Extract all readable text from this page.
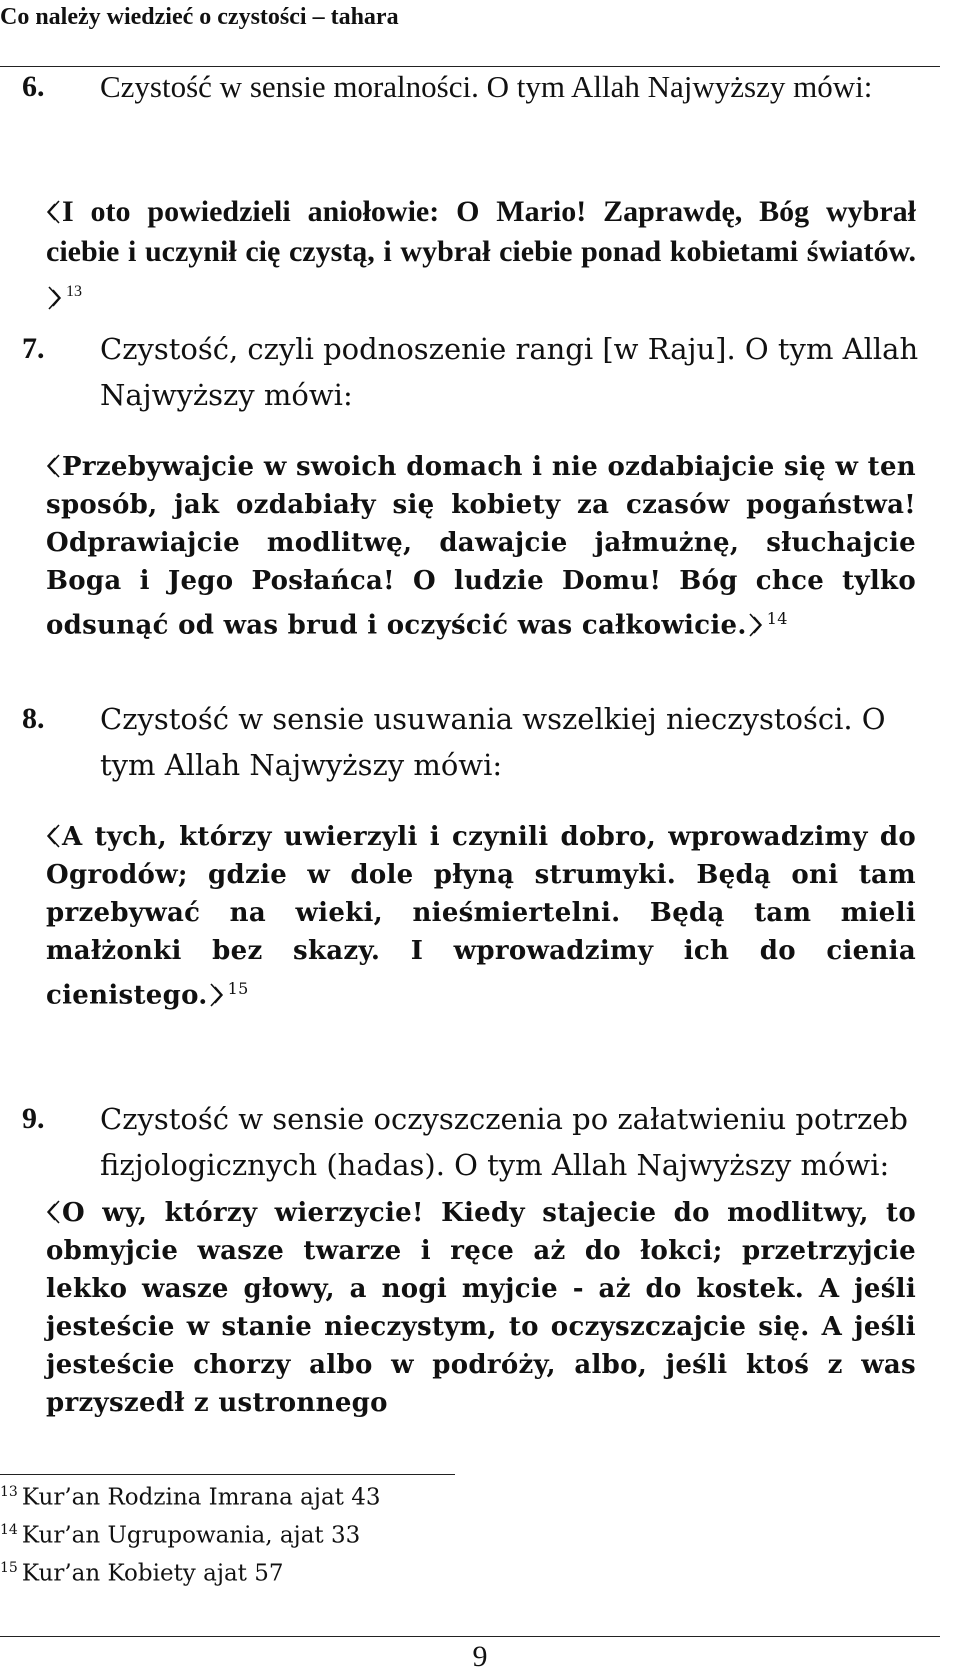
Co należy wiedzieć o czystości – tahara
6. Czystość w sensie moralności. O tym Allah Najwyższy mówi:
I oto powiedzieli aniołowie: O Mario! Zaprawdę, Bóg wybrał ciebie i uczynił cię czystą, i wybrał ciebie ponad kobietami światów.
$^{13}$
7. Czystość, czyli podnoszenie rangi [w Raju]. O tym Allah Najwyższy mówi:
Przebywajcie w swoich domach i nie ozdabiajcie się w ten sposób, jak ozdabiały się kobiety za czasów pogaństwa! Odprawiajcie modlitwę, dawajcie jałmużnę, słuchajcie Boga i Jego Posłańca! O ludzie Domu! Bóg chce tylko odsunąć od was brud i oczyścić was całkowicie. $^{14}$
8. Czystość w sensie usuwania wszelkiej nieczystości. O tym Allah Najwyższy mówi:
A tych, którzy uwierzyli i czynili dobro, wprowadzimy do Ogrodów; gdzie w dole płyną strumyki. Będą oni tam przebywać na wieki, nieśmiertelni. Będą tam mieli małżonki bez skazy. I wprowadzimy ich do cienia cienistego. $^{15}$
9. Czystość w sensie oczyszczenia po załatwieniu potrzeb fizjologicznych (hadas). O tym Allah Najwyższy mówi:
O wy, którzy wierzycie! Kiedy stajecie do modlitwy, to obmyjcie wasze twarze i ręce aż do łokci; przetrzyjcie lekko wasze głowy, a nogi myjcie - aż do kostek. A jeśli jesteście w stanie nieczystym, to oczyszczajcie się. A jeśli jesteście chorzy albo w podróży, albo, jeśli ktoś z was przyszedł z ustronnego
$^{13}$ Kur’an Rodzina Imrana ajat 43
$^{14}$ Kur’an Ugrupowania, ajat 33
$^{15}$ Kur’an Kobiety ajat 57
9
